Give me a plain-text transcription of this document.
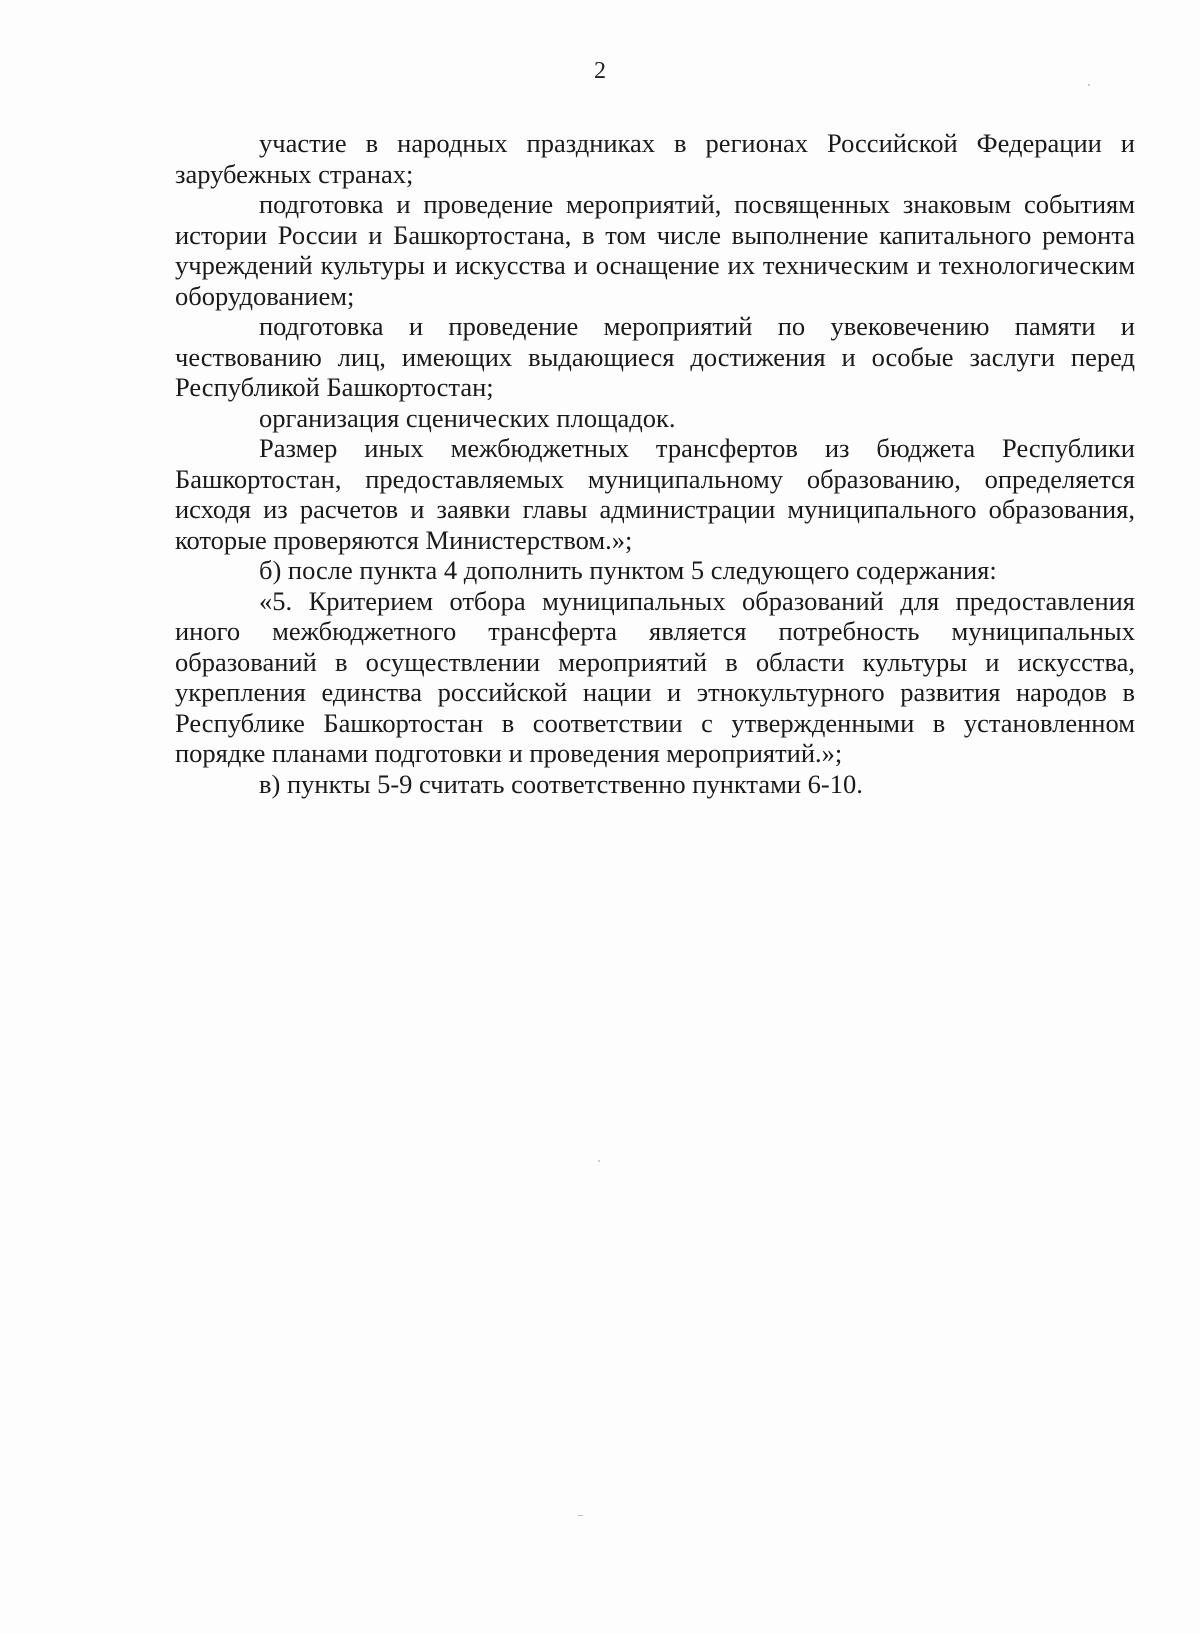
2

участие в народных праздниках в регионах Российской Федерации и зарубежных странах;

подготовка и проведение мероприятий, посвященных знаковым событиям истории России и Башкортостана, в том числе выполнение капитального ремонта учреждений культуры и искусства и оснащение их техническим и технологическим оборудованием;

подготовка и проведение мероприятий по увековечению памяти и чествованию лиц, имеющих выдающиеся достижения и особые заслуги перед Республикой Башкортостан;

организация сценических площадок.

Размер иных межбюджетных трансфертов из бюджета Республики Башкортостан, предоставляемых муниципальному образованию, определяется исходя из расчетов и заявки главы администрации муниципального образования, которые проверяются Министерством.»;

б) после пункта 4 дополнить пунктом 5 следующего содержания:

«5. Критерием отбора муниципальных образований для предоставления иного межбюджетного трансферта является потребность муниципальных образований в осуществлении мероприятий в области культуры и искусства, укрепления единства российской нации и этнокультурного развития народов в Республике Башкортостан в соответствии с утвержденными в установленном порядке планами подготовки и проведения мероприятий.»;

в) пункты 5-9 считать соответственно пунктами 6-10.
